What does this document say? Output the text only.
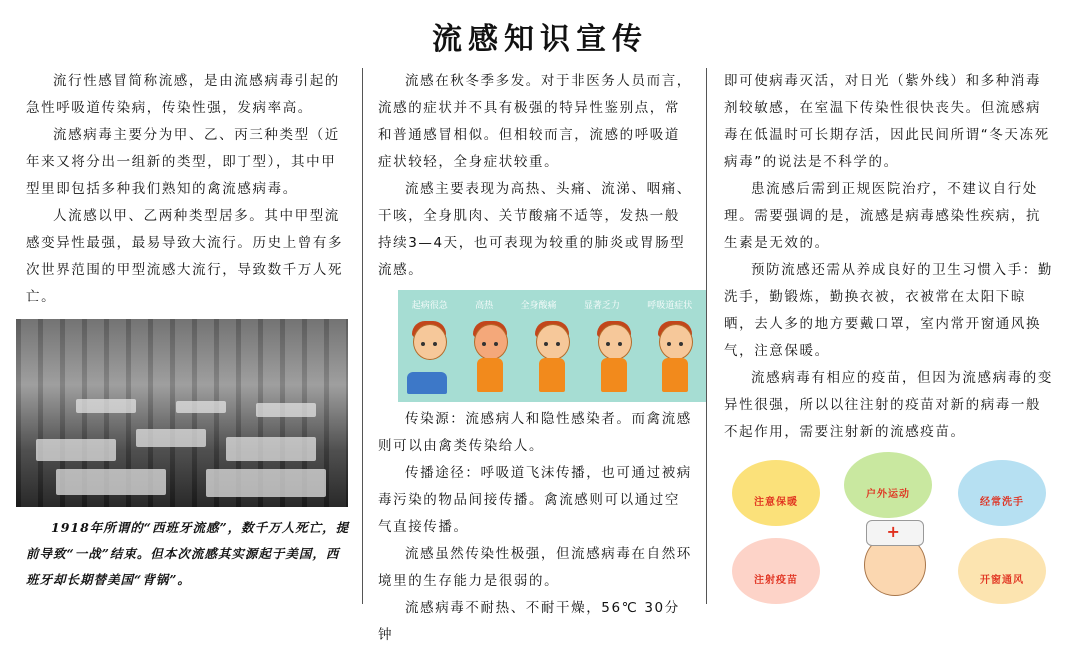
流感知识宣传

流行性感冒简称流感，是由流感病毒引起的急性呼吸道传染病，传染性强，发病率高。

流感病毒主要分为甲、乙、丙三种类型（近年来又将分出一组新的类型，即丁型），其中甲型里即包括多种我们熟知的禽流感病毒。

人流感以甲、乙两种类型居多。其中甲型流感变异性最强，最易导致大流行。历史上曾有多次世界范围的甲型流感大流行，导致数千万人死亡。

1918年所谓的“西班牙流感”，数千万人死亡，提前导致“一战”结束。但本次流感其实源起于美国，西班牙却长期替美国“背锅”。

流感在秋冬季多发。对于非医务人员而言，流感的症状并不具有极强的特异性鉴别点，常和普通感冒相似。但相较而言，流感的呼吸道症状较轻，全身症状较重。

流感主要表现为高热、头痛、流涕、咽痛、干咳，全身肌肉、关节酸痛不适等，发热一般持续3—4天，也可表现为较重的肺炎或胃肠型流感。

起病很急	高热	全身酸痛	显著乏力	呼吸道症状

传染源：流感病人和隐性感染者。而禽流感则可以由禽类传染给人。

传播途径：呼吸道飞沫传播，也可通过被病毒污染的物品间接传播。禽流感则可以通过空气直接传播。

流感虽然传染性极强，但流感病毒在自然环境里的生存能力是很弱的。

流感病毒不耐热、不耐干燥，56℃ 30分钟

即可使病毒灭活，对日光（紫外线）和多种消毒剂较敏感，在室温下传染性很快丧失。但流感病毒在低温时可长期存活，因此民间所谓“冬天冻死病毒”的说法是不科学的。

患流感后需到正规医院治疗，不建议自行处理。需要强调的是，流感是病毒感染性疾病，抗生素是无效的。

预防流感还需从养成良好的卫生习惯入手：勤洗手，勤锻炼，勤换衣被，衣被常在太阳下晾晒，去人多的地方要戴口罩，室内常开窗通风换气，注意保暖。

流感病毒有相应的疫苗，但因为流感病毒的变异性很强，所以以往注射的疫苗对新的病毒一般不起作用，需要注射新的流感疫苗。

注意保暖
户外运动
经常洗手
注射疫苗	开窗通风
+
